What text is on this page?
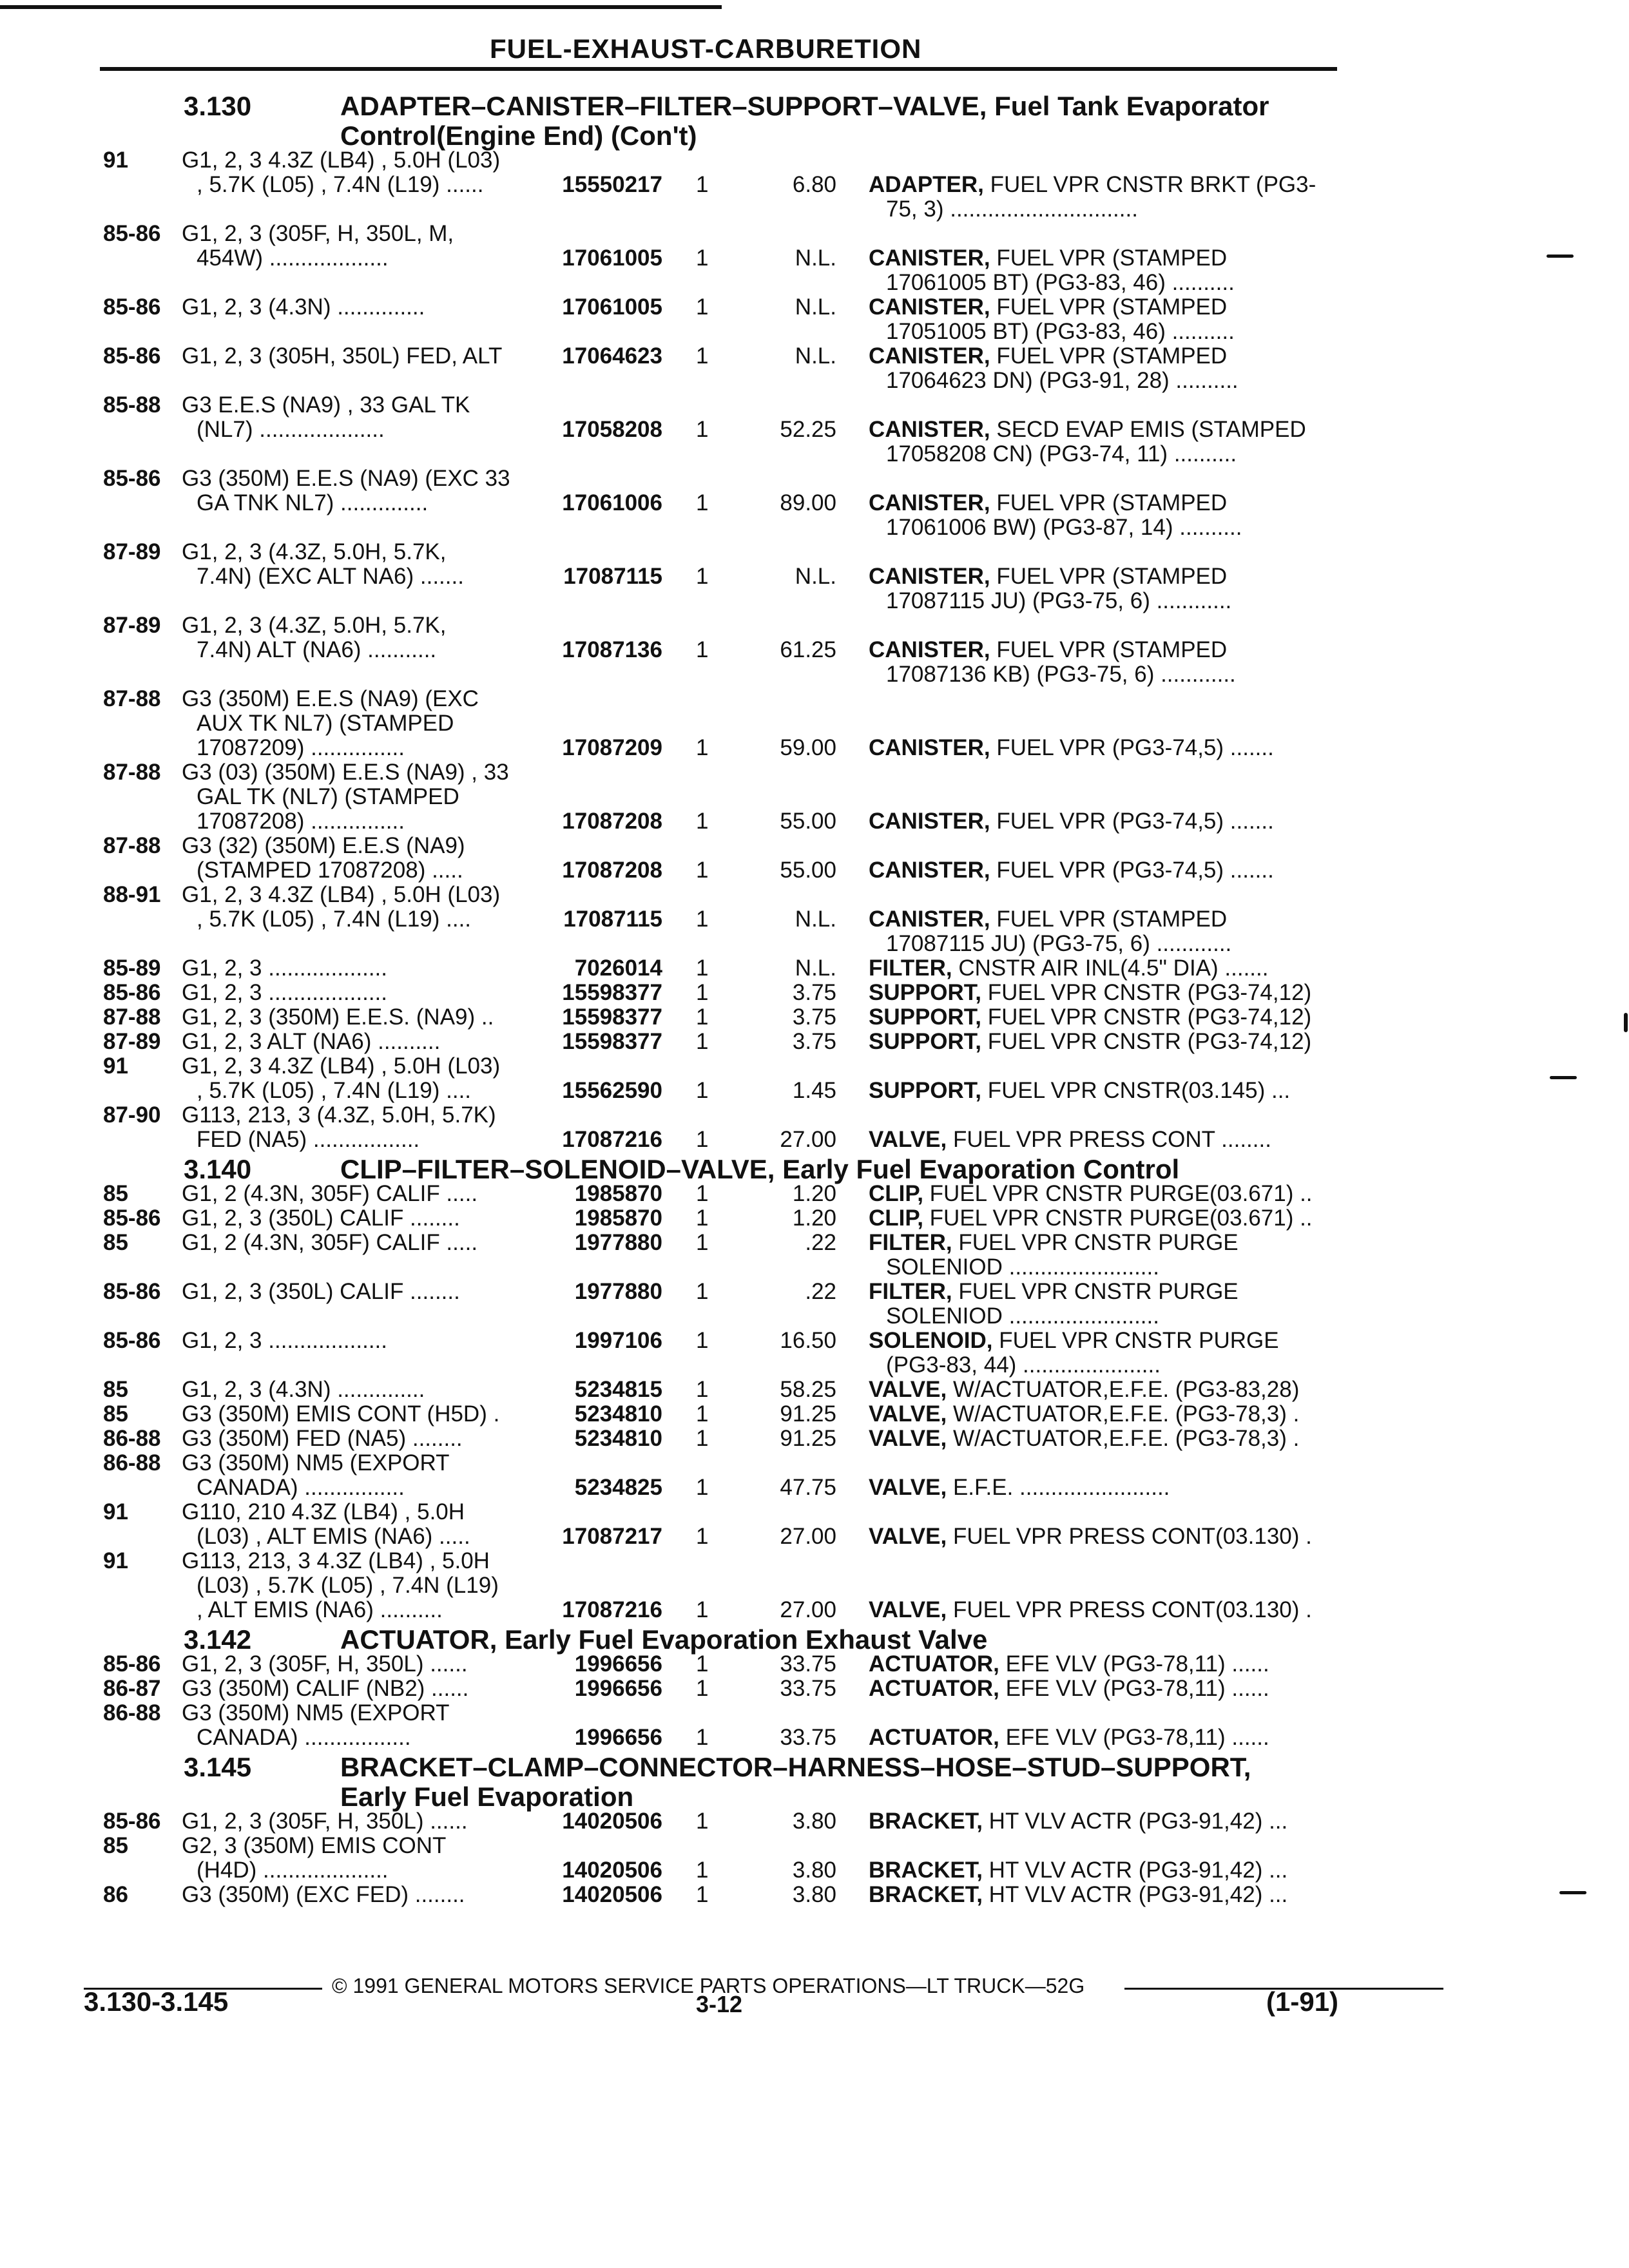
FUEL-EXHAUST-CARBURETION
3.130	ADAPTER–CANISTER–FILTER–SUPPORT–VALVE, Fuel Tank Evaporator
Control(Engine End) (Con't)
91 G1, 2, 3 4.3Z (LB4) , 5.0H (L03)
, 5.7K (L05) , 7.4N (L19) ......	15550217 1	6.80 ADAPTER, FUEL VPR CNSTR BRKT (PG3-
75, 3) ..............................
85-86 G1, 2, 3 (305F, H, 350L, M,
454W) ...................	17061005 1	N.L. CANISTER, FUEL VPR (STAMPED
17061005 BT) (PG3-83, 46) ..........
85-86 G1, 2, 3 (4.3N) ..............	17061005 1	N.L. CANISTER, FUEL VPR (STAMPED
17051005 BT) (PG3-83, 46) ..........
85-86 G1, 2, 3 (305H, 350L) FED, ALT	17064623 1	N.L. CANISTER, FUEL VPR (STAMPED
17064623 DN) (PG3-91, 28) ..........
85-88 G3 E.E.S (NA9) , 33 GAL TK
(NL7) ....................	17058208 1	52.25 CANISTER, SECD EVAP EMIS (STAMPED
17058208 CN) (PG3-74, 11) ..........
85-86 G3 (350M) E.E.S (NA9) (EXC 33
GA TNK NL7) ..............	17061006 1	89.00 CANISTER, FUEL VPR (STAMPED
17061006 BW) (PG3-87, 14) ..........
87-89 G1, 2, 3 (4.3Z, 5.0H, 5.7K,
7.4N) (EXC ALT NA6) .......	17087115 1	N.L. CANISTER, FUEL VPR (STAMPED
17087115 JU) (PG3-75, 6) ............
87-89 G1, 2, 3 (4.3Z, 5.0H, 5.7K,
7.4N) ALT (NA6) ...........	17087136 1	61.25 CANISTER, FUEL VPR (STAMPED
17087136 KB) (PG3-75, 6) ............
87-88 G3 (350M) E.E.S (NA9) (EXC
AUX TK NL7) (STAMPED
17087209) ...............	17087209 1	59.00 CANISTER, FUEL VPR (PG3-74,5) .......
87-88 G3 (03) (350M) E.E.S (NA9) , 33
GAL TK (NL7) (STAMPED
17087208) ...............	17087208 1	55.00 CANISTER, FUEL VPR (PG3-74,5) .......
87-88 G3 (32) (350M) E.E.S (NA9)
(STAMPED 17087208) .....	17087208 1	55.00 CANISTER, FUEL VPR (PG3-74,5) .......
88-91 G1, 2, 3 4.3Z (LB4) , 5.0H (L03)
, 5.7K (L05) , 7.4N (L19) ....	17087115 1	N.L. CANISTER, FUEL VPR (STAMPED
17087115 JU) (PG3-75, 6) ............
85-89 G1, 2, 3 ...................	7026014 1	N.L. FILTER, CNSTR AIR INL(4.5" DIA) .......
85-86 G1, 2, 3 ...................	15598377 1	3.75 SUPPORT, FUEL VPR CNSTR (PG3-74,12)
87-88 G1, 2, 3 (350M) E.E.S. (NA9) ..	15598377 1	3.75 SUPPORT, FUEL VPR CNSTR (PG3-74,12)
87-89 G1, 2, 3 ALT (NA6) ..........	15598377 1	3.75 SUPPORT, FUEL VPR CNSTR (PG3-74,12)
91 G1, 2, 3 4.3Z (LB4) , 5.0H (L03)
, 5.7K (L05) , 7.4N (L19) ....	15562590 1	1.45 SUPPORT, FUEL VPR CNSTR(03.145) ...
87-90 G113, 213, 3 (4.3Z, 5.0H, 5.7K)
FED (NA5) .................	17087216 1	27.00 VALVE, FUEL VPR PRESS CONT ........
3.140	CLIP–FILTER–SOLENOID–VALVE, Early Fuel Evaporation Control
85 G1, 2 (4.3N, 305F) CALIF .....	1985870 1	1.20 CLIP, FUEL VPR CNSTR PURGE(03.671) ..
85-86 G1, 2, 3 (350L) CALIF ........	1985870 1	1.20 CLIP, FUEL VPR CNSTR PURGE(03.671) ..
85 G1, 2 (4.3N, 305F) CALIF .....	1977880 1	.22 FILTER, FUEL VPR CNSTR PURGE
SOLENIOD ........................
85-86 G1, 2, 3 (350L) CALIF ........	1977880 1	.22 FILTER, FUEL VPR CNSTR PURGE
SOLENIOD ........................
85-86 G1, 2, 3 ...................	1997106 1	16.50 SOLENOID, FUEL VPR CNSTR PURGE
(PG3-83, 44) ......................
85 G1, 2, 3 (4.3N) ..............	5234815 1	58.25 VALVE, W/ACTUATOR,E.F.E. (PG3-83,28)
85 G3 (350M) EMIS CONT (H5D) .	5234810 1	91.25 VALVE, W/ACTUATOR,E.F.E. (PG3-78,3) .
86-88 G3 (350M) FED (NA5) ........	5234810 1	91.25 VALVE, W/ACTUATOR,E.F.E. (PG3-78,3) .
86-88 G3 (350M) NM5 (EXPORT
CANADA) ................	5234825 1	47.75 VALVE, E.F.E. ........................
91 G110, 210 4.3Z (LB4) , 5.0H
(L03) , ALT EMIS (NA6) .....	17087217 1	27.00 VALVE, FUEL VPR PRESS CONT(03.130) .
91 G113, 213, 3 4.3Z (LB4) , 5.0H
(L03) , 5.7K (L05) , 7.4N (L19)
, ALT EMIS (NA6) ..........	17087216 1	27.00 VALVE, FUEL VPR PRESS CONT(03.130) .
3.142	ACTUATOR, Early Fuel Evaporation Exhaust Valve
85-86 G1, 2, 3 (305F, H, 350L) ......	1996656 1	33.75 ACTUATOR, EFE VLV (PG3-78,11) ......
86-87 G3 (350M) CALIF (NB2) ......	1996656 1	33.75 ACTUATOR, EFE VLV (PG3-78,11) ......
86-88 G3 (350M) NM5 (EXPORT
CANADA) .................	1996656 1	33.75 ACTUATOR, EFE VLV (PG3-78,11) ......
3.145	BRACKET–CLAMP–CONNECTOR–HARNESS–HOSE–STUD–SUPPORT,
Early Fuel Evaporation
85-86 G1, 2, 3 (305F, H, 350L) ......	14020506 1	3.80 BRACKET, HT VLV ACTR (PG3-91,42) ...
85 G2, 3 (350M) EMIS CONT
(H4D) ....................	14020506 1	3.80 BRACKET, HT VLV ACTR (PG3-91,42) ...
86 G3 (350M) (EXC FED) ........	14020506 1	3.80 BRACKET, HT VLV ACTR (PG3-91,42) ...
© 1991 GENERAL MOTORS SERVICE PARTS OPERATIONS—LT TRUCK—52G
3.130-3.145	3-12	(1-91)
